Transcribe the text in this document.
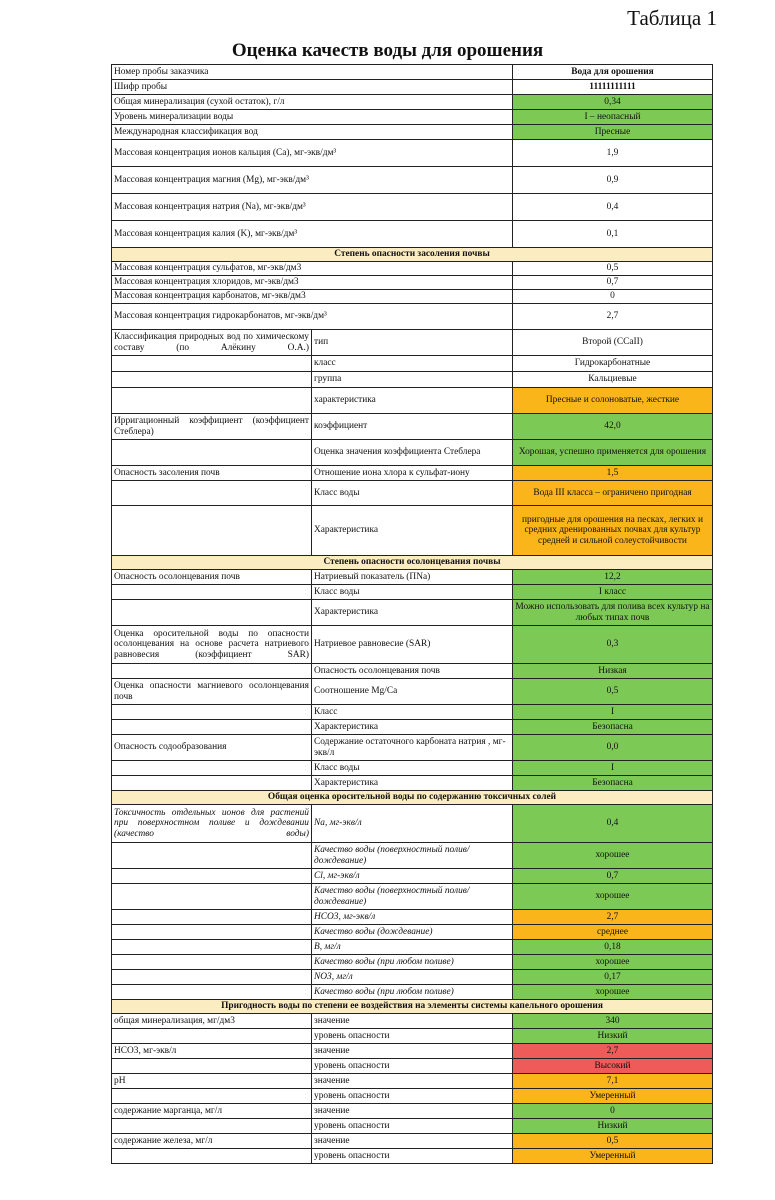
Таблица 1
Оценка качеств воды для орошения
Номер пробы заказчика		Вода для орошения
Шифр пробы		11111111111
Общая минерализация (сухой остаток), г/л		0,34
Уровень минерализации воды		I – неопасный
Международная классификация вод		Пресные
Массовая концентрация ионов кальция (Ca), мг-экв/дм³		1,9
Массовая концентрация магния (Mg), мг-экв/дм³		0,9
Массовая концентрация натрия (Na), мг-экв/дм³		0,4
Массовая концентрация калия (K), мг-экв/дм³		0,1
Степень опасности засоления почвы		
Массовая концентрация сульфатов, мг-экв/дм3		0,5
Массовая концентрация хлоридов, мг-экв/дм3		0,7
Массовая концентрация карбонатов, мг-экв/дм3		0
Массовая концентрация гидрокарбонатов, мг-экв/дм³		2,7
Классификация природных вод по химическому составу (по Алёкину О.А.)	тип	Второй (CCaII)
	класс	Гидрокарбонатные
	группа	Кальциевые
	характеристика	Пресные и солоноватые, жесткие
Ирригационный коэффициент (коэффициент Стеблера)	коэффициент	42,0
	Оценка значения коэффициента Стеблера	Хорошая, успешно применяется для орошения
Опасность засоления почв	Отношение иона хлора к сульфат-иону	1,5
	Класс воды	Вода III класса – ограничено пригодная
	Характеристика	пригодные для орошения на песках, легких и средних дренированных почвах для культур средней и сильной солеустойчивости
Степень опасности осолонцевания почвы		
Опасность осолонцевания почв	Натриевый показатель (ПNa)	12,2
	Класс воды	I класс
	Характеристика	Можно использовать для полива всех культур на любых типах почв
Оценка оросительной воды по опасности осолонцевания на основе расчета натриевого равновесия (коэффициент SAR)	Натриевое равновесие (SAR)	0,3
	Опасность осолонцевания почв	Низкая
Оценка опасности магниевого осолонцевания почв	Соотношение Mg/Ca	0,5
	Класс	I
	Характеристика	Безопасна
Опасность содообразования	Содержание остаточного карбоната натрия , мг-экв/л	0,0
	Класс воды	I
	Характеристика	Безопасна
Общая оценка оросительной воды по содержанию токсичных солей		
Токсичность отдельных ионов для растений при поверхностном поливе и дождевании (качество воды)	Na, мг-экв/л	0,4
	Качество воды (поверхностный полив/дождевание)	хорошее
	Cl, мг-экв/л	0,7
	Качество воды (поверхностный полив/дождевание)	хорошее
	HCO3, мг-экв/л	2,7
	Качество воды (дождевание)	среднее
	B, мг/л	0,18
	Качество воды (при любом поливе)	хорошее
	NO3, мг/л	0,17
	Качество воды (при любом поливе)	хорошее
Пригодность воды по степени ее воздействия на элементы системы капельного орошения		
общая минерализация, мг/дм3	значение	340
	уровень опасности	Низкий
HCO3, мг-экв/л	значение	2,7
	уровень опасности	Высокий
pH	значение	7,1
	уровень опасности	Умеренный
содержание марганца, мг/л	значение	0
	уровень опасности	Низкий
содержание железа, мг/л	значение	0,5
	уровень опасности	Умеренный
